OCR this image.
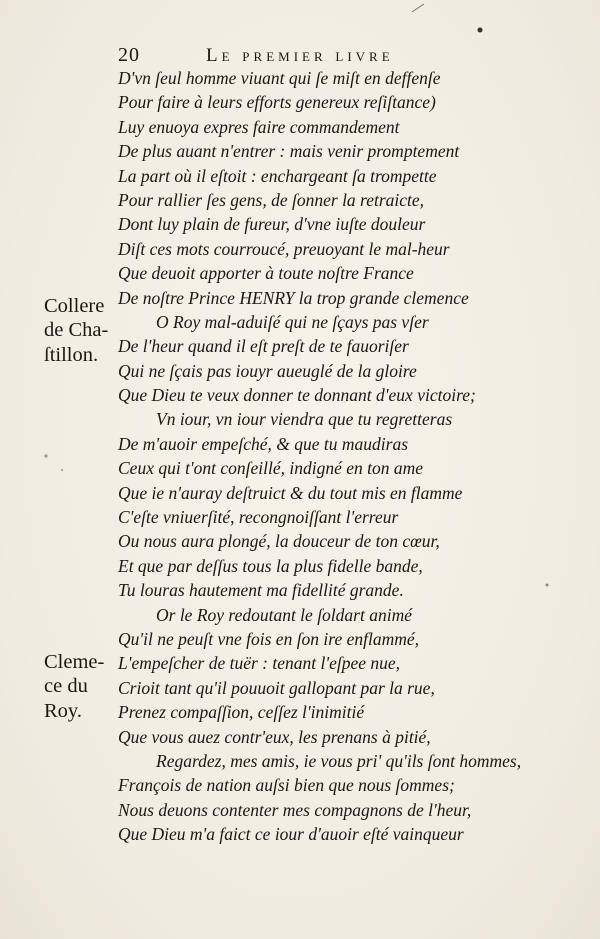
20	Le premier livre
Collere
de Cha-
ſtillon.
Cleme-
ce du
Roy.
D'vn ſeul homme viuant qui ſe miſt en deffenſe
Pour faire à leurs efforts genereux reſiſtance)
Luy enuoya expres faire commandement
De plus auant n'entrer : mais venir promptement
La part où il eſtoit : enchargeant ſa trompette
Pour rallier ſes gens, de ſonner la retraicte,
Dont luy plain de fureur, d'vne iuſte douleur
Diſt ces mots courroucé, preuoyant le mal-heur
Que deuoit apporter à toute noſtre France
De noſtre Prince HENRY la trop grande clemence
O Roy mal-aduiſé qui ne ſçays pas vſer
De l'heur quand il eſt preſt de te fauoriſer
Qui ne ſçais pas iouyr aueuglé de la gloire
Que Dieu te veux donner te donnant d'eux victoire;
Vn iour, vn iour viendra que tu regretteras
De m'auoir empeſché, & que tu maudiras
Ceux qui t'ont conſeillé, indigné en ton ame
Que ie n'auray deſtruict & du tout mis en flamme
C'eſte vniuerſité, recongnoiſſant l'erreur
Ou nous aura plongé, la douceur de ton cœur,
Et que par deſſus tous la plus fidelle bande,
Tu louras hautement ma fidellité grande.
Or le Roy redoutant le ſoldart animé
Qu'il ne peuſt vne fois en ſon ire enflammé,
L'empeſcher de tuër : tenant l'eſpee nue,
Crioit tant qu'il pouuoit gallopant par la rue,
Prenez compaſſion, ceſſez l'inimitié
Que vous auez contr'eux, les prenans à pitié,
Regardez, mes amis, ie vous pri' qu'ils ſont hommes,
François de nation auſsi bien que nous ſommes;
Nous deuons contenter mes compagnons de l'heur,
Que Dieu m'a faict ce iour d'auoir eſté vainqueur
